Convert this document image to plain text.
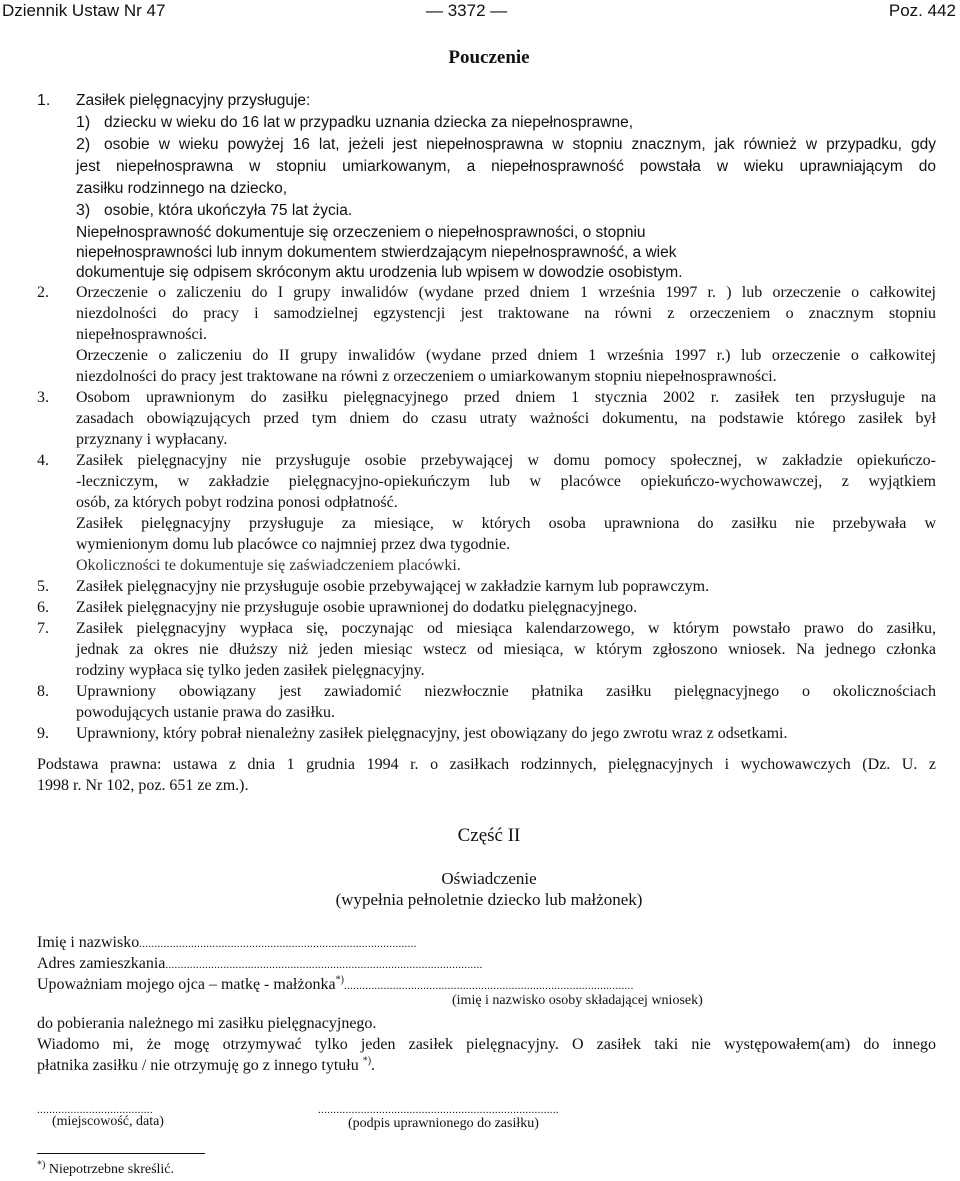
Dziennik Ustaw Nr 47	— 3372 —	Poz. 442
Pouczenie
1. Zasiłek pielęgnacyjny przysługuje:
1) dziecku w wieku do 16 lat w przypadku uznania dziecka za niepełnosprawne,
2) osobie w wieku powyżej 16 lat, jeżeli jest niepełnosprawna w stopniu znacznym, jak również w przypadku, gdy
jest niepełnosprawna w stopniu umiarkowanym, a niepełnosprawność powstała w wieku uprawniającym do
zasiłku rodzinnego na dziecko,
3) osobie, która ukończyła 75 lat życia.
Niepełnosprawność dokumentuje się orzeczeniem o niepełnosprawności, o stopniu
niepełnosprawności lub innym dokumentem stwierdzającym niepełnosprawność, a wiek
dokumentuje się odpisem skróconym aktu urodzenia lub wpisem w dowodzie osobistym.
2. Orzeczenie o zaliczeniu do I grupy inwalidów (wydane przed dniem 1 września 1997 r. ) lub orzeczenie o całkowitej
niezdolności do pracy i samodzielnej egzystencji jest traktowane na równi z orzeczeniem o znacznym stopniu
niepełnosprawności.
Orzeczenie o zaliczeniu do II grupy inwalidów (wydane przed dniem 1 września 1997 r.) lub orzeczenie o całkowitej
niezdolności do pracy jest traktowane na równi z orzeczeniem o umiarkowanym stopniu niepełnosprawności.
3. Osobom uprawnionym do zasiłku pielęgnacyjnego przed dniem 1 stycznia 2002 r. zasiłek ten przysługuje na
zasadach obowiązujących przed tym dniem do czasu utraty ważności dokumentu, na podstawie którego zasiłek był
przyznany i wypłacany.
4. Zasiłek pielęgnacyjny nie przysługuje osobie przebywającej w domu pomocy społecznej, w zakładzie opiekuńczo-
-leczniczym, w zakładzie pielęgnacyjno-opiekuńczym lub w placówce opiekuńczo-wychowawczej, z wyjątkiem
osób, za których pobyt rodzina ponosi odpłatność.
Zasiłek pielęgnacyjny przysługuje za miesiące, w których osoba uprawniona do zasiłku nie przebywała w
wymienionym domu lub placówce co najmniej przez dwa tygodnie.
Okoliczności te dokumentuje się zaświadczeniem placówki.
5. Zasiłek pielęgnacyjny nie przysługuje osobie przebywającej w zakładzie karnym lub poprawczym.
6. Zasiłek pielęgnacyjny nie przysługuje osobie uprawnionej do dodatku pielęgnacyjnego.
7. Zasiłek pielęgnacyjny wypłaca się, poczynając od miesiąca kalendarzowego, w którym powstało prawo do zasiłku,
jednak za okres nie dłuższy niż jeden miesiąc wstecz od miesiąca, w którym zgłoszono wniosek. Na jednego członka
rodziny wypłaca się tylko jeden zasiłek pielęgnacyjny.
8. Uprawniony obowiązany jest zawiadomić niezwłocznie płatnika zasiłku pielęgnacyjnego o okolicznościach
powodujących ustanie prawa do zasiłku.
9. Uprawniony, który pobrał nienależny zasiłek pielęgnacyjny, jest obowiązany do jego zwrotu wraz z odsetkami.
Podstawa prawna: ustawa z dnia 1 grudnia 1994 r. o zasiłkach rodzinnych, pielęgnacyjnych i wychowawczych (Dz. U. z
1998 r. Nr 102, poz. 651 ze zm.).
Część II
Oświadczenie
(wypełnia pełnoletnie dziecko lub małżonek)
Imię i nazwisko...........................................................................................
Adres zamieszkania........................................................................................................
Upoważniam mojego ojca – matkę - małżonka*)...............................................................................................
(imię i nazwisko osoby składającej wniosek)
do pobierania należnego mi zasiłku pielęgnacyjnego.
Wiadomo mi, że mogę otrzymywać tylko jeden zasiłek pielęgnacyjny. O zasiłek taki nie występowałem(am) do innego
płatnika zasiłku / nie otrzymuję go z innego tytułu *).
......................................
(miejscowość, data)
...............................................................................
(podpis uprawnionego do zasiłku)
*) Niepotrzebne skreślić.
